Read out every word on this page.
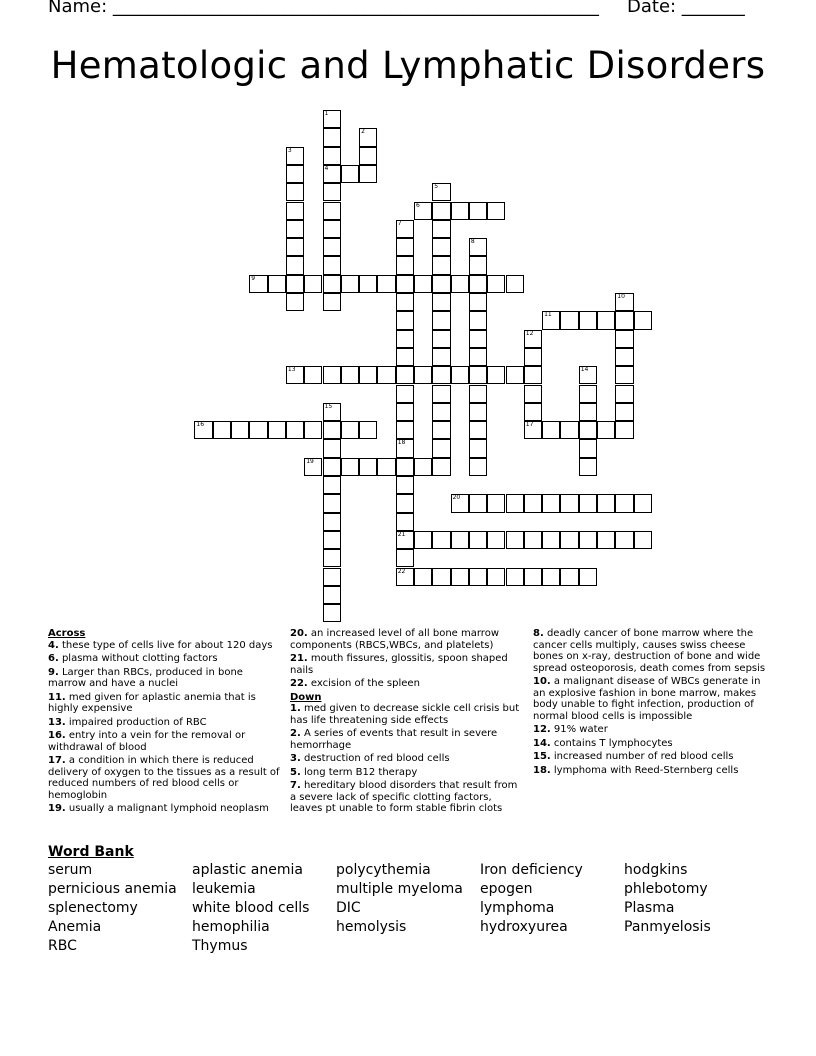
Name: ______________________________________________________ Date: _______
Hematologic and Lymphatic Disorders
1
4
2
3
5
6
7
18
8
9
10
11
12
17
13	14
15
16
21
22
19
20
Across
4. these type of cells live for about 120 days
6. plasma without clotting factors
9. Larger than RBCs, produced in bone marrow and have a nuclei
11. med given for aplastic anemia that is highly expensive
13. impaired production of RBC
16. entry into a vein for the removal or withdrawal of blood
17. a condition in which there is reduced delivery of oxygen to the tissues as a result of reduced numbers of red blood cells or hemoglobin
19. usually a malignant lymphoid neoplasm
20. an increased level of all bone marrow components (RBCS,WBCs, and platelets)
21. mouth fissures, glossitis, spoon shaped nails
22. excision of the spleen
Down
1. med given to decrease sickle cell crisis but has life threatening side effects
2. A series of events that result in severe hemorrhage
3. destruction of red blood cells
5. long term B12 therapy
7. hereditary blood disorders that result from a severe lack of specific clotting factors, leaves pt unable to form stable fibrin clots
8. deadly cancer of bone marrow where the cancer cells multiply, causes swiss cheese bones on x-ray, destruction of bone and wide spread osteoporosis, death comes from sepsis
10. a malignant disease of WBCs generate in an explosive fashion in bone marrow, makes body unable to fight infection, production of normal blood cells is impossible
12. 91% water
14. contains T lymphocytes
15. increased number of red blood cells
18. lymphoma with Reed-Sternberg cells
Word Bank
serum	aplastic anemia	polycythemia	Iron deficiency	hodgkins
pernicious anemia	leukemia	multiple myeloma	epogen	phlebotomy
splenectomy	white blood cells	DIC	lymphoma	Plasma
Anemia	hemophilia	hemolysis	hydroxyurea	Panmyelosis
RBC	Thymus
